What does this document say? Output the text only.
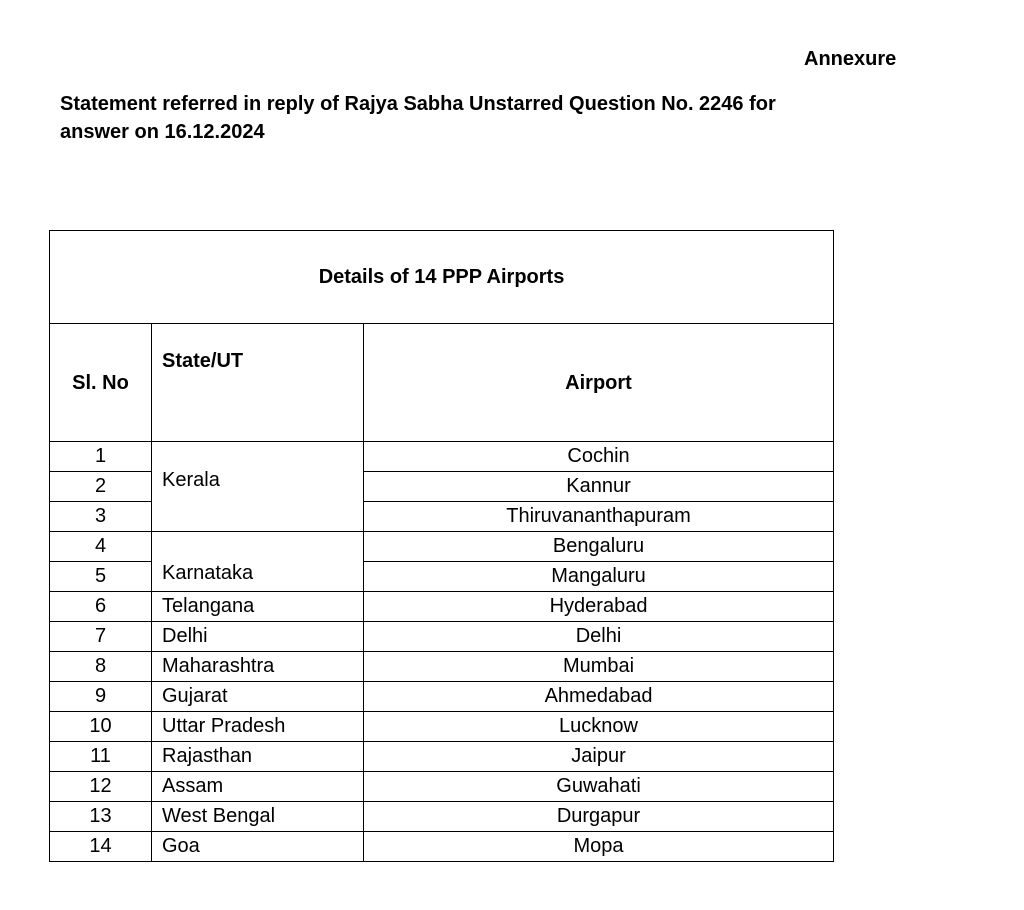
Annexure
Statement referred in reply of Rajya Sabha Unstarred Question No. 2246 for
answer on 16.12.2024
Details of 14 PPP Airports		
Sl. No	State/UT	Airport
1	Kerala	Cochin
2		Kannur
3		Thiruvananthapuram
4	Karnataka	Bengaluru
5		Mangaluru
6	Telangana	Hyderabad
7	Delhi	Delhi
8	Maharashtra	Mumbai
9	Gujarat	Ahmedabad
10	Uttar Pradesh	Lucknow
11	Rajasthan	Jaipur
12	Assam	Guwahati
13	West Bengal	Durgapur
14	Goa	Mopa
